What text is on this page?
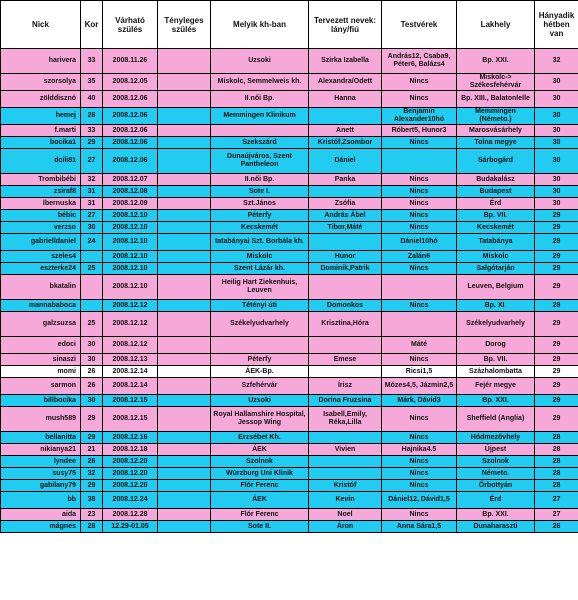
Nick	Kor	Várható szülés	Tényleges szülés	Melyik kh-ban	Tervezett nevek: lány/fiú	Testvérek	Lakhely	Hányadik hétben van
harivera	33	2008.11.26		Uzsoki	Szirka Izabella	András12, Csaba9, Péter6, Balázs4	Bp. XXI.	32
szorsolya	35	2008.12.05		Miskolc, Semmelweis kh.	Alexandra/Odett	Nincs	Miskolc-> Székesfehérvár	30
zölddisznó	40	2008.12.06		II.női Bp.	Hanna	Nincs	Bp. XIII., Balatonlelle	30
hemej	26	2008.12.06		Memmingen Klinikum		Benjamin Alexander10hó	Memmingen (Németo.)	30
f.marti	33	2008.12.06			Anett	Róbert5, Hunor3	Marosvásárhely	30
bocika1	29	2008.12.06		Szekszárd	Kristóf,Zsombor	Nincs	Tolna megye	30
dcili81	27	2008.12.06		Dunaújváros, Szent Pantheleon	Dániel		Sárbogárd	30
Trombibébi	32	2008.12.07		II.női Bp.	Panka	Nincs	Budakalász	30
zsiraf8	31	2008.12.08		Sote I.		Nincs	Budapest	30
lbernuska	31	2008.12.09		Szt.János	Zsófia	Nincs	Érd	30
bébic	27	2008.12.10		Péterfy	András Ábel	Nincs	Bp. VII.	29
verzso	30	2008.12.10		Kecskemét	Tibor,Máté	Nincs	Kecskemét	29
gabrielldaniel	24	2008.12.10		tatabányai Szt. Borbála kh.		Dániel10hó	Tatabánya	29
szeles4		2008.12.10		Miskolc	Hunor	Zalán6	Miskolc	29
eszterke24	25	2008.12.10		Szent Lázár kh.	Dominik,Patrik	Nincs	Salgótarján	29
bkatalin		2008.12.10		Heilig Hart Ziekenhuis, Leuven			Leuven, Belgium	29
mannababoca		2008.12.12		Tétényi úti	Domonkos	Nincs	Bp. XI.	29
galzsuzsa	25	2008.12.12		Székelyudvarhely	Krisztina,Hóra		Székelyudvarhely	29
edoci	30	2008.12.12				Máté	Dorog	29
sinaszi	30	2008.12.13		Péterfy	Emese	Nincs	Bp. VII.	29
momi	26	2008.12.14		ÁEK-Bp.		Ricsi1,5	Százhalombatta	29
sarmon	26	2008.12.14		Szfehérvár	Írisz	Mózes4,5, Jázmin2,5	Fejér megye	29
billbocika	30	2008.12.15		Uzsoki	Dorina Fruzsina	Márk, Dávid3	Bp. XXI.	29
mush589	29	2008.12.15		Royal Hallamshire Hospital, Jessop Wing	Isabell,Emily, Réka,Lilla	Nincs	Sheffield (Anglia)	29
bellanitta	29	2008.12.16		Erzsébet Kh.		Nincs	Hódmezővhely	28
nikianya21	21	2008.12.18		ÁEK	Vivien	Hajnika4.5	Újpest	28
lyndee	26	2008.12.20		Szolnok		Nincs	Szolnok	28
susy75	32	2008.12.20		Würzburg Uni Klinik		Nincs	Németo.	28
gabilany79	29	2008.12.20		Flór Ferenc	Kristóf	Nincs	Őrbottyán	28
bb	38	2008.12.24		ÁEK	Kevin	Dániel12, Dávid1,5	Érd	27
aida	23	2008.12.28		Flór Ferenc	Noel	Nincs	Bp. XXI.	27
mágnes	28	12.29-01.05		Sote II.	Áron	Anna Sára1,5	Dunaharaszti	26
